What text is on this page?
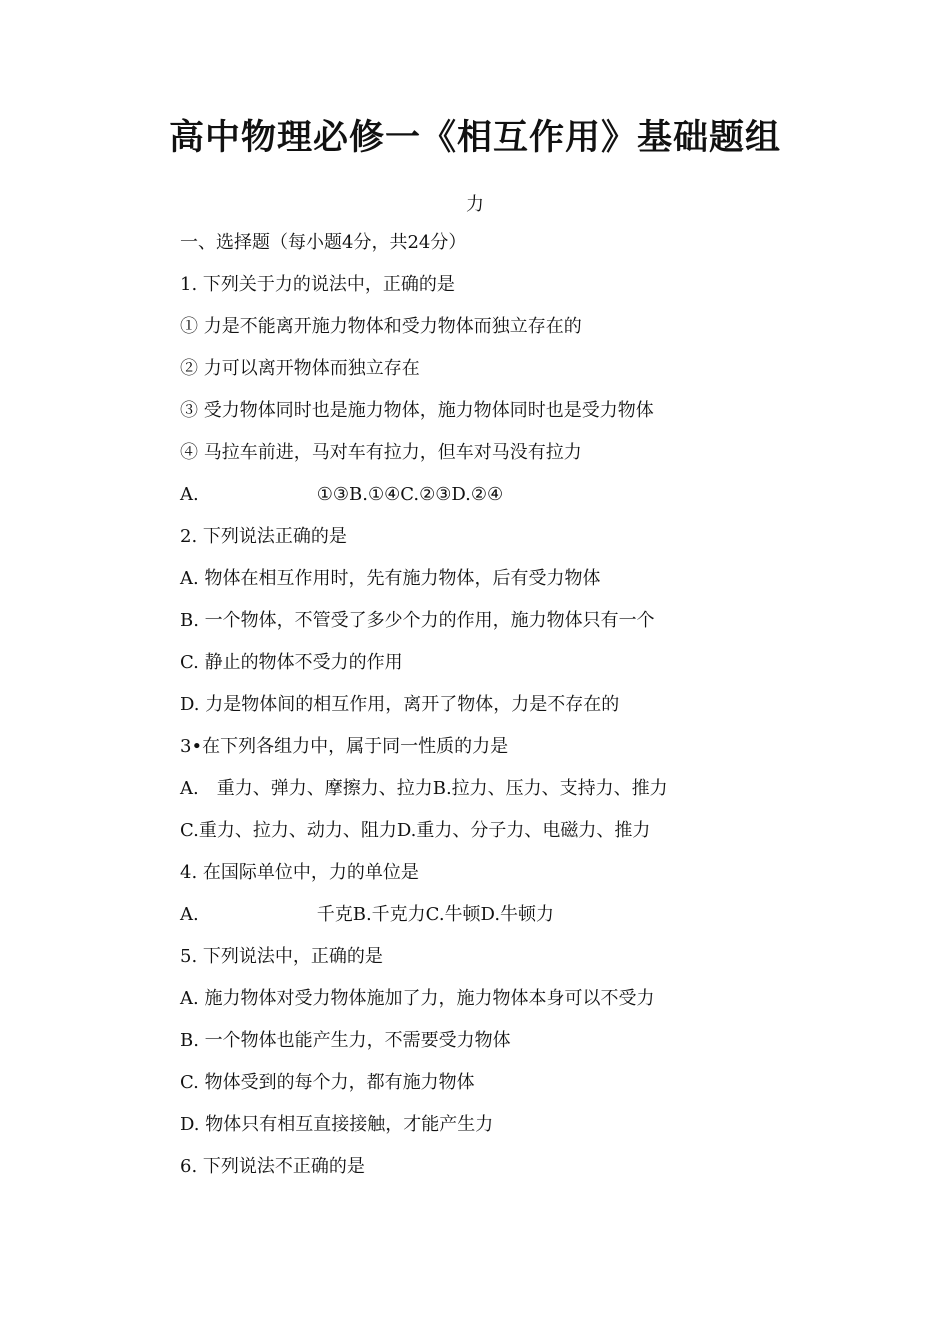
高中物理必修一《相互作用》基础题组
力
一、选择题（每小题4分，共24分）
1. 下列关于力的说法中，正确的是
① 力是不能离开施力物体和受力物体而独立存在的
② 力可以离开物体而独立存在
③ 受力物体同时也是施力物体，施力物体同时也是受力物体
④ 马拉车前进，马对车有拉力，但车对马没有拉力
A.	①③B.①④C.②③D.②④
2. 下列说法正确的是
A. 物体在相互作用时，先有施力物体，后有受力物体
B. 一个物体，不管受了多少个力的作用，施力物体只有一个
C. 静止的物体不受力的作用
D. 力是物体间的相互作用，离开了物体，力是不存在的
3•在下列各组力中，属于同一性质的力是
A. 重力、弹力、摩擦力、拉力B.拉力、压力、支持力、推力
C.重力、拉力、动力、阻力D.重力、分子力、电磁力、推力
4. 在国际单位中，力的单位是
A.	千克B.千克力C.牛顿D.牛顿力
5. 下列说法中，正确的是
A. 施力物体对受力物体施加了力，施力物体本身可以不受力
B. 一个物体也能产生力，不需要受力物体
C. 物体受到的每个力，都有施力物体
D. 物体只有相互直接接触，才能产生力
6. 下列说法不正确的是
